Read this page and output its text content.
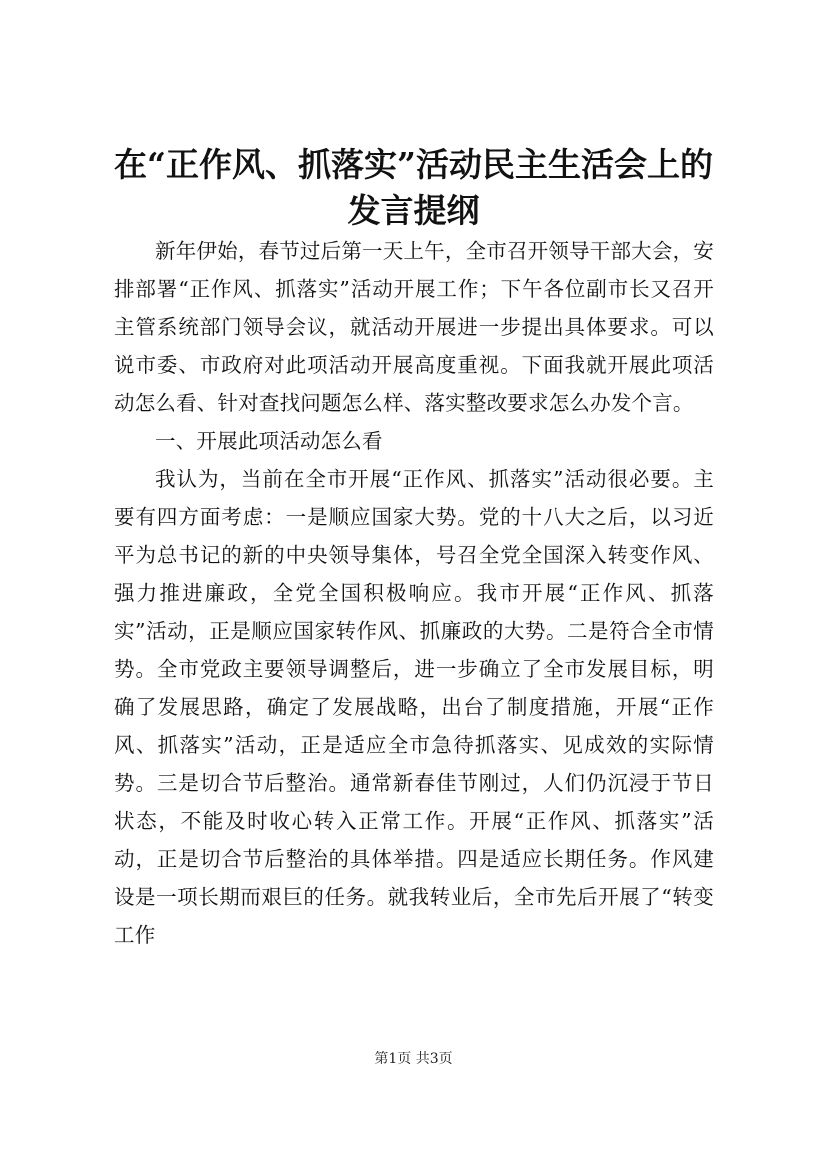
在“正作风、抓落实”活动民主生活会上的发言提纲

新年伊始，春节过后第一天上午，全市召开领导干部大会，安排部署“正作风、抓落实”活动开展工作；下午各位副市长又召开主管系统部门领导会议，就活动开展进一步提出具体要求。可以说市委、市政府对此项活动开展高度重视。下面我就开展此项活动怎么看、针对查找问题怎么样、落实整改要求怎么办发个言。

一、开展此项活动怎么看

我认为，当前在全市开展“正作风、抓落实”活动很必要。主要有四方面考虑：一是顺应国家大势。党的十八大之后，以习近平为总书记的新的中央领导集体，号召全党全国深入转变作风、强力推进廉政，全党全国积极响应。我市开展“正作风、抓落实”活动，正是顺应国家转作风、抓廉政的大势。二是符合全市情势。全市党政主要领导调整后，进一步确立了全市发展目标，明确了发展思路，确定了发展战略，出台了制度措施，开展“正作风、抓落实”活动，正是适应全市急待抓落实、见成效的实际情势。三是切合节后整治。通常新春佳节刚过，人们仍沉浸于节日状态，不能及时收心转入正常工作。开展“正作风、抓落实”活动，正是切合节后整治的具体举措。四是适应长期任务。作风建设是一项长期而艰巨的任务。就我转业后，全市先后开展了“转变工作

第1页 共3页
